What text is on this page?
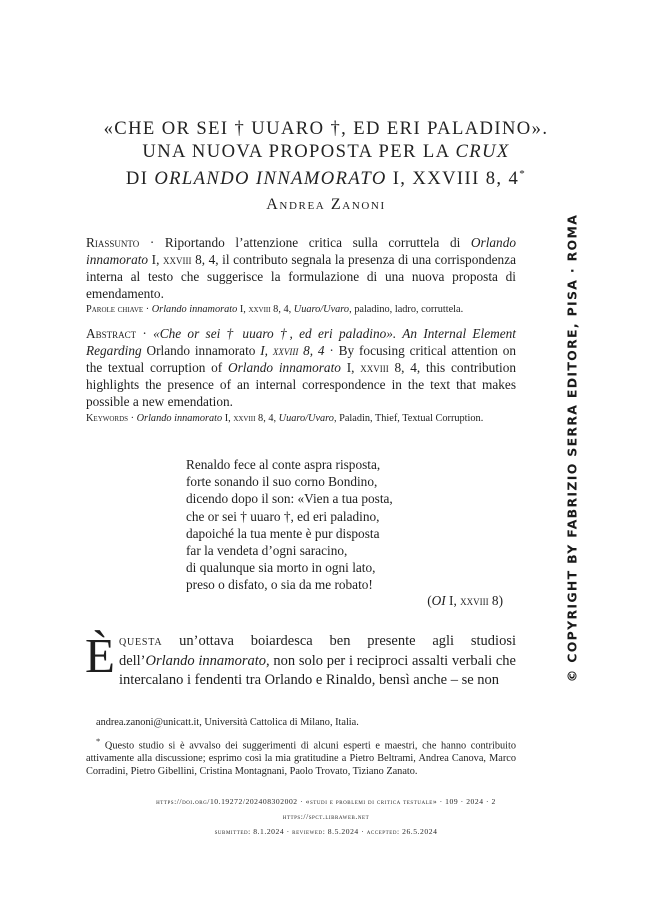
«CHE OR SEI † UUARO †, ED ERI PALADINO».
UNA NUOVA PROPOSTA PER LA CRUX
DI ORLANDO INNAMORATO I, XXVIII 8, 4*
Andrea Zanoni
Riassunto · Riportando l’attenzione critica sulla corruttela di Orlando innamorato I, xxviii 8, 4, il contributo segnala la presenza di una corrispondenza interna al testo che suggerisce la formulazione di una nuova proposta di emendamento.
Parole chiave · Orlando innamorato I, xxviii 8, 4, Uuaro/Uvaro, paladino, ladro, corruttela.
Abstract · «Che or sei † uuaro †, ed eri paladino». An Internal Element Regarding Orlando innamorato I, xxviii 8, 4 · By focusing critical attention on the textual corruption of Orlando innamorato I, xxviii 8, 4, this contribution highlights the presence of an internal correspondence in the text that makes possible a new emendation.
Keywords · Orlando innamorato I, xxviii 8, 4, Uuaro/Uvaro, Paladin, Thief, Textual Corruption.
Renaldo fece al conte aspra risposta,
forte sonando il suo corno Bondino,
dicendo dopo il son: «Vien a tua posta,
che or sei † uuaro †, ed eri paladino,
dapoiché la tua mente è pur disposta
far la vendeta d’ogni saracino,
di qualunque sia morto in ogni lato,
preso o disfato, o sia da me robato!
(OI I, xxviii 8)
Èquesta un’ottava boiardesca ben presente agli studiosi dell’Orlando innamorato, non solo per i reciproci assalti verbali che intercalano i fendenti tra Orlando e Rinaldo, bensì anche – se non

andrea.zanoni@unicatt.it, Università Cattolica di Milano, Italia.

* Questo studio si è avvalso dei suggerimenti di alcuni esperti e maestri, che hanno contribuito attivamente alla discussione; esprimo così la mia gratitudine a Pietro Beltrami, Andrea Canova, Marco Corradini, Pietro Gibellini, Cristina Montagnani, Paolo Trovato, Tiziano Zanato.

https://doi.org/10.19272/202408302002 · «studi e problemi di critica testuale» · 109 · 2024 · 2
https://spct.libraweb.net
submitted: 8.1.2024 · reviewed: 8.5.2024 · accepted: 26.5.2024
© COPYRIGHT BY FABRIZIO SERRA EDITORE, PISA · ROMA
